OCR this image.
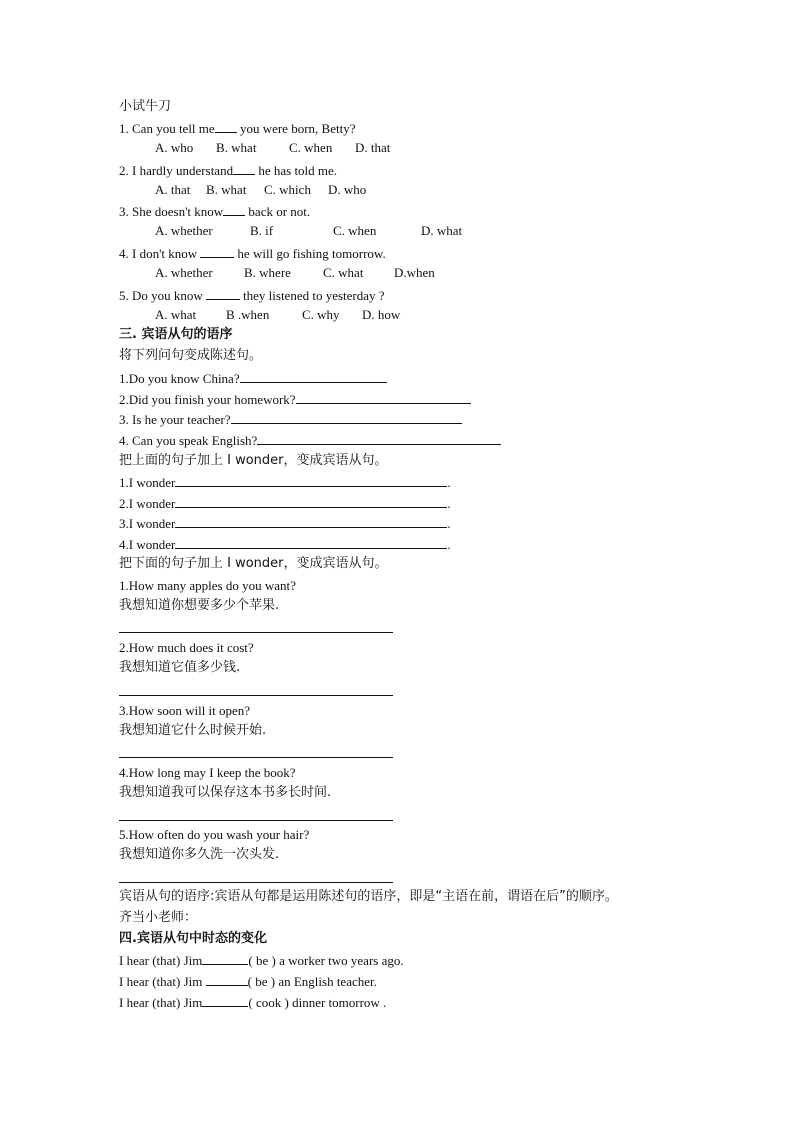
小试牛刀
1. Can you tell me you were born, Betty?
A. who B. what	C. when D. that
2. I hardly understand he has told me.
A. that B. what C. which D. who
3. She doesn't know back or not.
A. whether	B. if	C. when	D. what
4. I don't know	he will go fishing tomorrow.
A. whether B. where C. what D.when
5. Do you know	they listened to yesterday ?
A. what B .when	C. why D. how
三. 宾语从句的语序
将下列问句变成陈述句。
1.Do you know China?
2.Did you finish your homework?
3. Is he your teacher?
4. Can you speak English?
把上面的句子加上 I wonder，变成宾语从句。
1.I wonder	.
2.I wonder	.
3.I wonder	.
4.I wonder	.
把下面的句子加上 I wonder，变成宾语从句。
1.How many apples do you want?
我想知道你想要多少个苹果.
2.How much does it cost?
我想知道它值多少钱.
3.How soon will it open?
我想知道它什么时候开始.
4.How long may I keep the book?
我想知道我可以保存这本书多长时间.
5.How often do you wash your hair?
我想知道你多久洗一次头发.
宾语从句的语序:宾语从句都是运用陈述句的语序，即是“主语在前，谓语在后”的顺序。
齐当小老师：
四.宾语从句中时态的变化
I hear (that) Jim	( be ) a worker two years ago.
I hear (that) Jim	( be ) an English teacher.
I hear (that) Jim	( cook ) dinner tomorrow .
